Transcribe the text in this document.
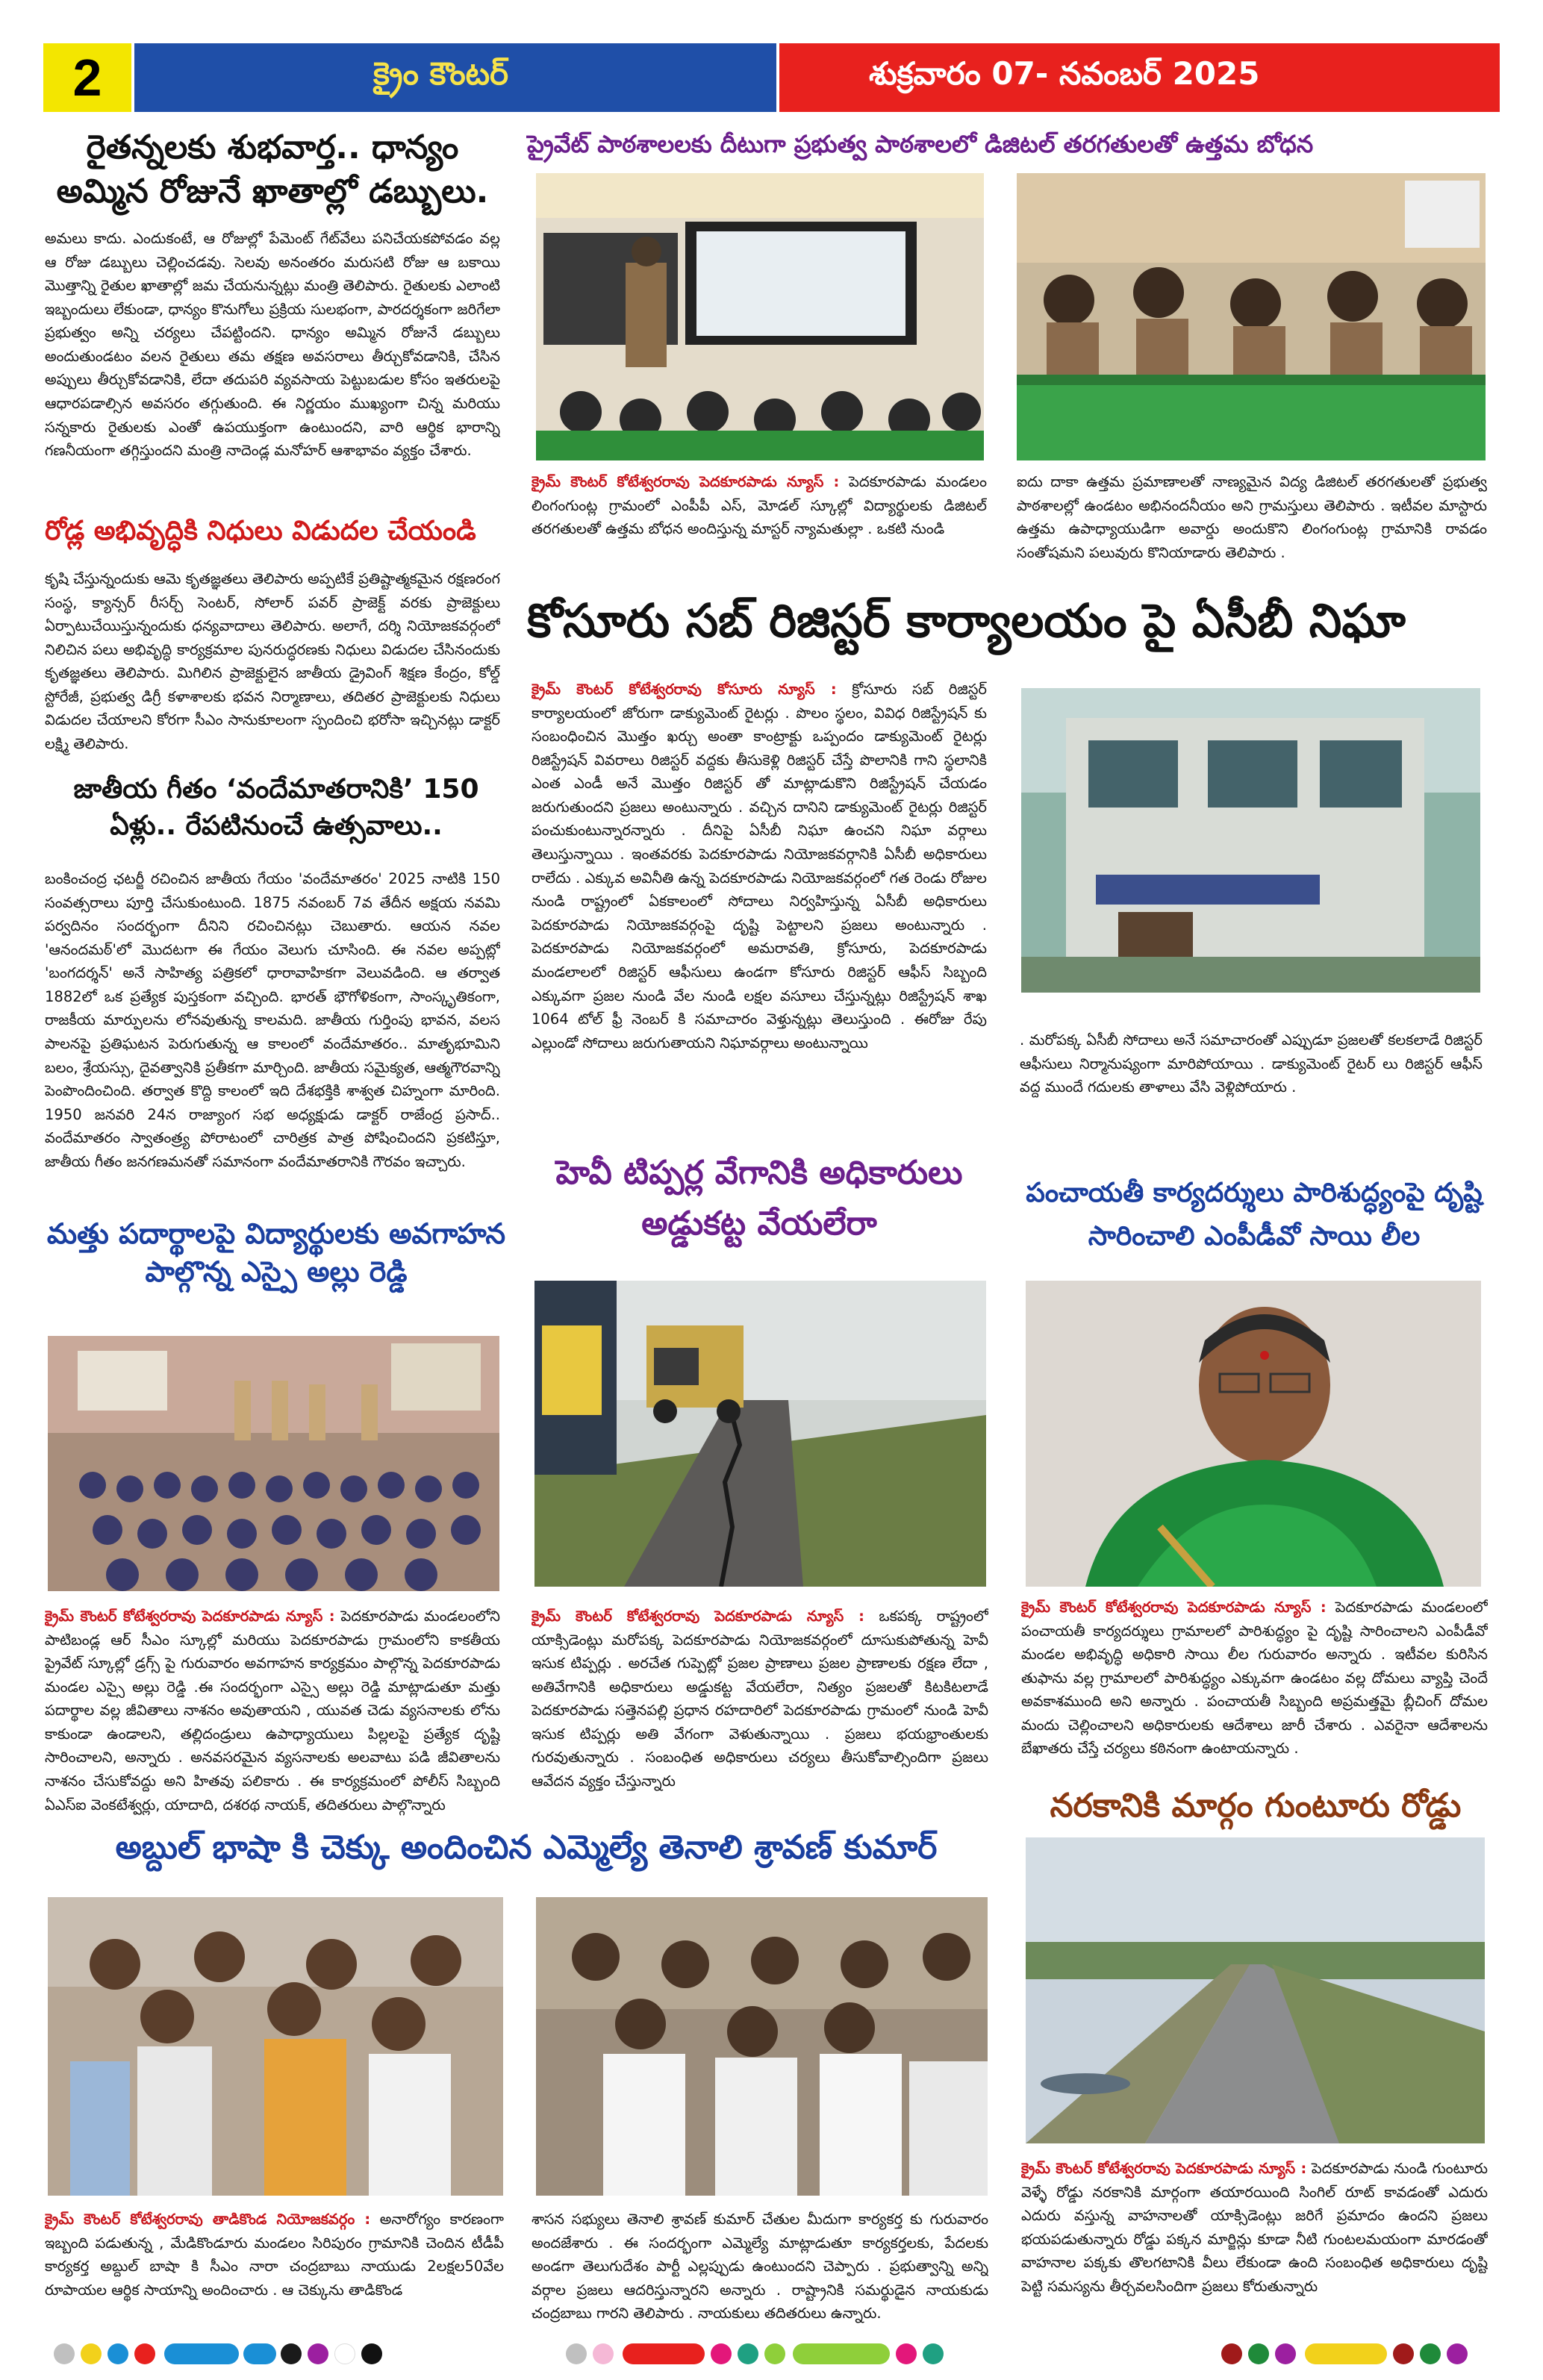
2	క్రైం కౌంటర్	శుక్రవారం 07- నవంబర్ 2025
రైతన్నలకు శుభవార్త.. ధాన్యం అమ్మిన రోజునే ఖాతాల్లో డబ్బులు.
అమలు కాదు. ఎందుకంటే, ఆ రోజుల్లో పేమెంట్ గేట్‌వేలు పనిచేయకపోవడం వల్ల ఆ రోజు డబ్బులు చెల్లించడవు. సెలవు అనంతరం మరుసటి రోజు ఆ బకాయి మొత్తాన్ని రైతుల ఖాతాల్లో జమ చేయనున్నట్లు మంత్రి తెలిపారు. రైతులకు ఎలాంటి ఇబ్బందులు లేకుండా, ధాన్యం కొనుగోలు ప్రక్రియ సులభంగా, పారదర్శకంగా జరిగేలా ప్రభుత్వం అన్ని చర్యలు చేపట్టిందని. ధాన్యం అమ్మిన రోజునే డబ్బులు అందుతుండటం వలన రైతులు తమ తక్షణ అవసరాలు తీర్చుకోవడానికి, చేసిన అప్పులు తీర్చుకోవడానికి, లేదా తదుపరి వ్యవసాయ పెట్టుబడుల కోసం ఇతరులపై ఆధారపడాల్సిన అవసరం తగ్గుతుంది. ఈ నిర్ణయం ముఖ్యంగా చిన్న మరియు సన్నకారు రైతులకు ఎంతో ఉపయుక్తంగా ఉంటుందని, వారి ఆర్థిక భారాన్ని గణనీయంగా తగ్గిస్తుందని మంత్రి నాదెండ్ల మనోహర్ ఆశాభావం వ్యక్తం చేశారు.
రోడ్ల అభివృద్ధికి నిధులు విడుదల చేయండి
కృషి చేస్తున్నందుకు ఆమె కృతజ్ఞతలు తెలిపారు అప్పటికే ప్రతిష్టాత్మకమైన రక్షణరంగ సంస్థ, క్యాన్సర్ రీసర్చ్ సెంటర్, సోలార్ పవర్ ప్రాజెక్ట్ వరకు ప్రాజెక్టులు ఏర్పాటుచేయిస్తున్నందుకు ధన్యవాదాలు తెలిపారు. అలాగే, దర్శి నియోజకవర్గంలో నిలిచిన పలు అభివృద్ధి కార్యక్రమాల పునరుద్ధరణకు నిధులు విడుదల చేసినందుకు కృతజ్ఞతలు తెలిపారు. మిగిలిన ప్రాజెక్టులైన జాతీయ డ్రైవింగ్ శిక్షణ కేంద్రం, కోల్డ్ స్టోరేజీ, ప్రభుత్వ డిగ్రీ కళాశాలకు భవన నిర్మాణాలు, తదితర ప్రాజెక్టులకు నిధులు విడుదల చేయాలని కోరగా సీఎం సానుకూలంగా స్పందించి భరోసా ఇచ్చినట్లు డాక్టర్ లక్ష్మి తెలిపారు.
జాతీయ గీతం ‘వందేమాతరానికి’ 150 ఏళ్లు.. రేపటినుంచే ఉత్సవాలు..
బంకించంద్ర ఛటర్జీ రచించిన జాతీయ గేయం 'వందేమాతరం' 2025 నాటికి 150 సంవత్సరాలు పూర్తి చేసుకుంటుంది. 1875 నవంబర్ 7వ తేదీన అక్షయ నవమి పర్వదినం సందర్భంగా దీనిని రచించినట్లు చెబుతారు. ఆయన నవల 'ఆనందమఠ్'లో మొదటగా ఈ గేయం వెలుగు చూసింది. ఈ నవల అప్పట్లో 'బంగదర్శన్' అనే సాహిత్య పత్రికలో ధారావాహికగా వెలువడింది. ఆ తర్వాత 1882లో ఒక ప్రత్యేక పుస్తకంగా వచ్చింది. భారత్ భౌగోళికంగా, సాంస్కృతికంగా, రాజకీయ మార్పులను లోనవుతున్న కాలమది. జాతీయ గుర్తింపు భావన, వలస పాలనపై ప్రతిఘటన పెరుగుతున్న ఆ కాలంలో వందేమాతరం.. మాతృభూమిని బలం, శ్రేయస్సు, దైవత్వానికి ప్రతీకగా మార్చింది. జాతీయ సమైక్యత, ఆత్మగౌరవాన్ని పెంపొందించింది. తర్వాత కొద్ది కాలంలో ఇది దేశభక్తికి శాశ్వత చిహ్నంగా మారింది. 1950 జనవరి 24న రాజ్యాంగ సభ అధ్యక్షుడు డాక్టర్ రాజేంద్ర ప్రసాద్.. వందేమాతరం స్వాతంత్ర్య పోరాటంలో చారిత్రక పాత్ర పోషించిందని ప్రకటిస్తూ, జాతీయ గీతం జనగణమనతో సమానంగా వందేమాతరానికి గౌరవం ఇచ్చారు.
మత్తు పదార్థాలపై విద్యార్థులకు అవగాహన పాల్గొన్న ఎస్పై అల్లు రెడ్డి
క్రైమ్ కౌంటర్ కోటేశ్వరరావు పెదకూరపాడు న్యూస్ : పెదకూరపాడు మండలంలోని పాటిబండ్ల ఆర్ సీఎం స్కూల్లో మరియు పెదకూరపాడు గ్రామంలోని కాకతీయ ప్రైవేట్ స్కూల్లో డ్రగ్స్ పై గురువారం అవగాహన కార్యక్రమం పాల్గొన్న పెదకూరపాడు మండల ఎస్సై అల్లు రెడ్డి .ఈ సందర్భంగా ఎస్సై అల్లు రెడ్డి మాట్లాడుతూ మత్తు పదార్థాల వల్ల జీవితాలు నాశనం అవుతాయని , యువత చెడు వ్యసనాలకు లోను కాకుండా ఉండాలని, తల్లిదండ్రులు ఉపాధ్యాయులు పిల్లలపై ప్రత్యేక దృష్టి సారించాలని, అన్నారు . అనవసరమైన వ్యసనాలకు అలవాటు పడి జీవితాలను నాశనం చేసుకోవద్దు అని హితవు పలికారు . ఈ కార్యక్రమంలో పోలీస్ సిబ్బంది ఏఎస్ఐ వెంకటేశ్వర్లు, యాదాది, దశరథ నాయక్, తదితరులు పాల్గొన్నారు
ప్రైవేట్ పాఠశాలలకు దీటుగా ప్రభుత్వ పాఠశాలలో డిజిటల్ తరగతులతో ఉత్తమ బోధన
క్రైమ్ కౌంటర్ కోటేశ్వరరావు పెదకూరపాడు న్యూస్ : పెదకూరపాడు మండలం లింగంగుంట్ల గ్రామంలో ఎంపీపీ ఎస్, మోడల్ స్కూల్లో విద్యార్థులకు డిజిటల్ తరగతులతో ఉత్తమ బోధన అందిస్తున్న మాస్టర్ న్యామతుల్లా . ఒకటి నుండి
ఐదు దాకా ఉత్తమ ప్రమాణాలతో నాణ్యమైన విద్య డిజిటల్ తరగతులతో ప్రభుత్వ పాఠశాలల్లో ఉండటం అభినందనీయం అని గ్రామస్తులు తెలిపారు . ఇటీవల మాస్టారు ఉత్తమ ఉపాధ్యాయుడిగా అవార్డు అందుకొని లింగంగుంట్ల గ్రామానికి రావడం సంతోషమని పలువురు కొనియాడారు తెలిపారు .
కోసూరు సబ్ రిజిస్టర్ కార్యాలయం పై ఏసీబీ నిఘా
క్రైమ్ కౌంటర్ కోటేశ్వరరావు కోసూరు న్యూస్ : క్రోసూరు సబ్ రిజిస్టర్ కార్యాలయంలో జోరుగా డాక్యుమెంట్ రైటర్లు . పొలం స్థలం, వివిధ రిజిస్ట్రేషన్ కు సంబంధించిన మొత్తం ఖర్చు అంతా కాంట్రాక్టు ఒప్పందం డాక్యుమెంట్ రైటర్లు రిజిస్ట్రేషన్ వివరాలు రిజిస్టర్ వద్దకు తీసుకెళ్లి రిజిస్టర్ చేస్తే పొలానికి గాని స్థలానికి ఎంత ఎండీ అనే మొత్తం రిజిస్టర్ తో మాట్లాడుకొని రిజిస్ట్రేషన్ చేయడం జరుగుతుందని ప్రజలు అంటున్నారు . వచ్చిన దానిని డాక్యుమెంట్ రైటర్లు రిజిస్టర్ పంచుకుంటున్నారన్నారు . దీనిపై ఏసీబీ నిఘా ఉంచని నిఘా వర్గాలు తెలుస్తున్నాయి . ఇంతవరకు పెదకూరపాడు నియోజకవర్గానికి ఏసీబీ అధికారులు రాలేదు . ఎక్కువ అవినీతి ఉన్న పెదకూరపాడు నియోజకవర్గంలో గత రెండు రోజుల నుండి రాష్ట్రంలో ఏకకాలంలో సోదాలు నిర్వహిస్తున్న ఏసీబీ అధికారులు పెదకూరపాడు నియోజకవర్గంపై దృష్టి పెట్టాలని ప్రజలు అంటున్నారు . పెదకూరపాడు నియోజకవర్గంలో అమరావతి, క్రోసూరు, పెదకూరపాడు మండలాలలో రిజిస్టర్ ఆఫీసులు ఉండగా కోసూరు రిజిస్టర్ ఆఫీస్ సిబ్బంది ఎక్కువగా ప్రజల నుండి వేల నుండి లక్షల వసూలు చేస్తున్నట్లు రిజిస్ట్రేషన్ శాఖ 1064 టోల్ ఫ్రీ నెంబర్ కి సమాచారం వెళ్తున్నట్లు తెలుస్తుంది . ఈరోజు రేపు ఎల్లుండో సోదాలు జరుగుతాయని నిఘావర్గాలు అంటున్నాయి	. మరోపక్క ఏసీబీ సోదాలు అనే సమాచారంతో ఎప్పుడూ ప్రజలతో కలకలాడే రిజిస్టర్ ఆఫీసులు నిర్మానుష్యంగా మారిపోయాయి . డాక్యుమెంట్ రైటర్ లు రిజిస్టర్ ఆఫీస్ వద్ద ముందే గదులకు తాళాలు వేసి వెళ్లిపోయారు .
హెవీ టిప్పర్ల వేగానికి అధికారులు అడ్డుకట్ట వేయలేరా
క్రైమ్ కౌంటర్ కోటేశ్వరరావు పెదకూరపాడు న్యూస్ : ఒకపక్క రాష్ట్రంలో యాక్సిడెంట్లు మరోపక్క పెదకూరపాడు నియోజకవర్గంలో దూసుకుపోతున్న హెవీ ఇసుక టిప్పర్లు . అరచేత గుప్పెట్లో ప్రజల ప్రాణాలు ప్రజల ప్రాణాలకు రక్షణ లేదా , అతివేగానికి అధికారులు అడ్డుకట్ట వేయలేరా, నిత్యం ప్రజలతో కిటకిటలాడే పెదకూరపాడు సత్తెనపల్లి ప్రధాన రహదారిలో పెదకూరపాడు గ్రామంలో నుండి హెవీ ఇసుక టిప్పర్లు అతి వేగంగా వెళుతున్నాయి . ప్రజలు భయభ్రాంతులకు గురవుతున్నారు . సంబంధిత అధికారులు చర్యలు తీసుకోవాల్సిందిగా ప్రజలు ఆవేదన వ్యక్తం చేస్తున్నారు
పంచాయతీ కార్యదర్శులు పారిశుద్ధ్యంపై దృష్టి సారించాలి ఎంపీడీవో సాయి లీల
క్రైమ్ కౌంటర్ కోటేశ్వరరావు పెదకూరపాడు న్యూస్ : పెదకూరపాడు మండలంలో పంచాయతీ కార్యదర్శులు గ్రామాలలో పారిశుద్ధ్యం పై దృష్టి సారించాలని ఎంపీడీవో మండల అభివృద్ధి అధికారి సాయి లీల గురువారం అన్నారు . ఇటీవల కురిసిన తుఫాను వల్ల గ్రామాలలో పారిశుద్ధ్యం ఎక్కువగా ఉండటం వల్ల దోమలు వ్యాప్తి చెందే అవకాశముంది అని అన్నారు . పంచాయతీ సిబ్బంది అప్రమత్తమై బ్లీచింగ్ దోమల మందు చెల్లించాలని అధికారులకు ఆదేశాలు జారీ చేశారు . ఎవరైనా ఆదేశాలను బేఖాతరు చేస్తే చర్యలు కఠినంగా ఉంటాయన్నారు .
నరకానికి మార్గం గుంటూరు రోడ్డు
క్రైమ్ కౌంటర్ కోటేశ్వరరావు పెదకూరపాడు న్యూస్ : పెదకూరపాడు నుండి గుంటూరు వెళ్ళే రోడ్డు నరకానికి మార్గంగా తయారయింది సింగిల్ రూట్ కావడంతో ఎదురు ఎదురు వస్తున్న వాహనాలతో యాక్సిడెంట్లు జరిగే ప్రమాదం ఉందని ప్రజలు భయపడుతున్నారు రోడ్డు పక్కన మార్జిన్లు కూడా నీటి గుంటలమయంగా మారడంతో వాహనాల పక్కకు తొలగటానికి వీలు లేకుండా ఉంది సంబంధిత అధికారులు దృష్టి పెట్టి సమస్యను తీర్చవలసిందిగా ప్రజలు కోరుతున్నారు
అబ్దుల్ భాషా కి చెక్కు అందించిన ఎమ్మెల్యే తెనాలి శ్రావణ్ కుమార్
క్రైమ్ కౌంటర్ కోటేశ్వరరావు తాడికొండ నియోజకవర్గం : అనారోగ్యం కారణంగా ఇబ్బంది పడుతున్న , మేడికొండూరు మండలం సిరిపురం గ్రామానికి చెందిన టీడీపీ కార్యకర్త అబ్దుల్ బాషా కి సీఎం నారా చంద్రబాబు నాయుడు 2లక్షల50వేల రూపాయల ఆర్థిక సాయాన్ని అందించారు . ఆ చెక్కును తాడికొండ
శాసన సభ్యులు తెనాలి శ్రావణ్ కుమార్ చేతుల మీదుగా కార్యకర్త కు గురువారం అందజేశారు . ఈ సందర్భంగా ఎమ్మెల్యే మాట్లాడుతూ కార్యకర్తలకు, పేదలకు అండగా తెలుగుదేశం పార్టీ ఎల్లప్పుడు ఉంటుందని చెప్పారు . ప్రభుత్వాన్ని అన్ని వర్గాల ప్రజలు ఆదరిస్తున్నారని అన్నారు . రాష్ట్రానికి సమర్థుడైన నాయకుడు చంద్రబాబు గారని తెలిపారు . నాయకులు తదితరులు ఉన్నారు.
